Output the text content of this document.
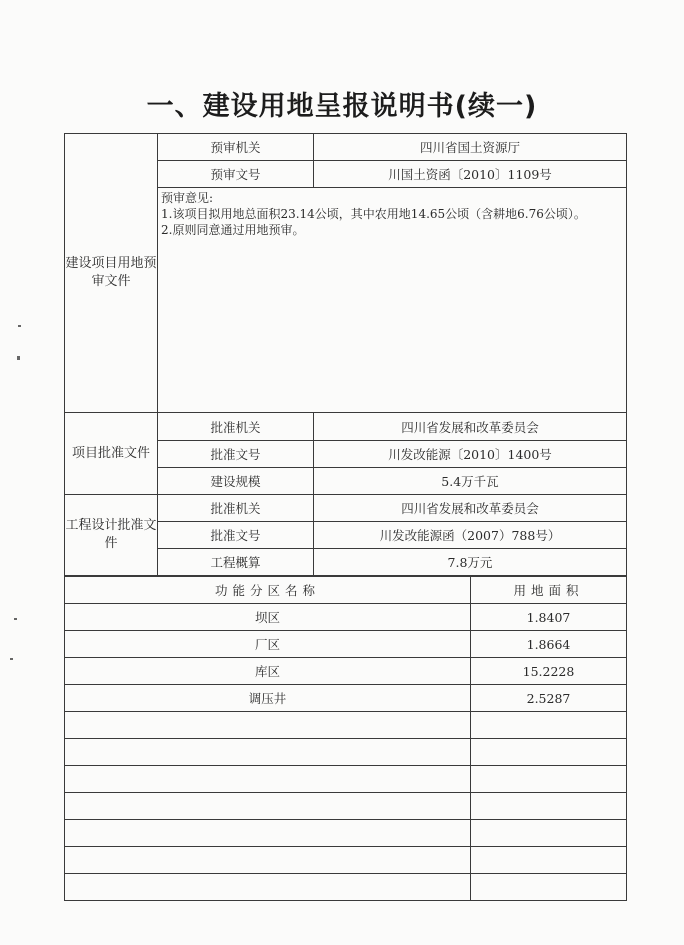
一、建设用地呈报说明书(续一)
建设项目用地预审文件	预审机关	四川省国土资源厅
	预审文号	川国土资函〔2010〕1109号

	预审意见:
1.该项目拟用地总面积23.14公顷，其中农用地14.65公顷（含耕地6.76公顷）。
2.原则同意通过用地预审。	

项目批准文件	批准机关	四川省发展和改革委员会
	批准文号	川发改能源〔2010〕1400号
	建设规模	5.4万千瓦
工程设计批准文件	批准机关	四川省发展和改革委员会
	批准文号	川发改能源函（2007）788号）
	工程概算	7.8万元
功能分区名称	用地面积
坝区	1.8407
厂区	1.8664
库区	15.2228
调压井	2.5287
